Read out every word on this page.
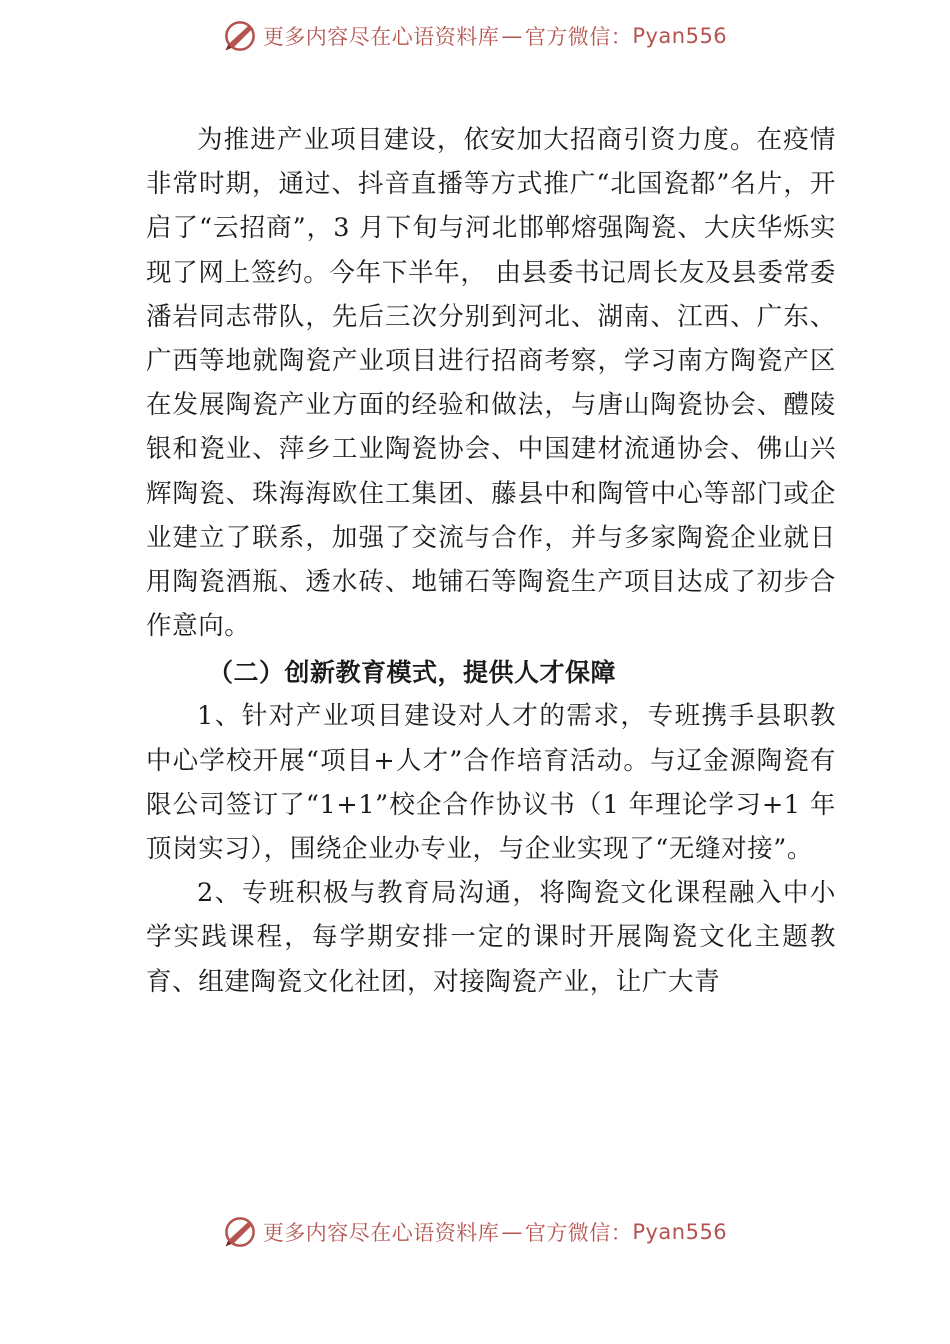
更多内容尽在心语资料库 — 官方微信： Pyan556

为推进产业项目建设，依安加大招商引资力度。在疫情非常时期，通过、抖音直播等方式推广“北国瓷都”名片，开启了“云招商”，3 月下旬与河北邯郸熔强陶瓷、大庆华烁实现了网上签约。今年下半年， 由县委书记周长友及县委常委潘岩同志带队，先后三次分别到河北、湖南、江西、广东、广西等地就陶瓷产业项目进行招商考察，学习南方陶瓷产区在发展陶瓷产业方面的经验和做法，与唐山陶瓷协会、醴陵银和瓷业、萍乡工业陶瓷协会、中国建材流通协会、佛山兴辉陶瓷、珠海海欧住工集团、藤县中和陶管中心等部门或企业建立了联系，加强了交流与合作，并与多家陶瓷企业就日用陶瓷酒瓶、透水砖、地铺石等陶瓷生产项目达成了初步合作意向。

（二）创新教育模式，提供人才保障

1、针对产业项目建设对人才的需求，专班携手县职教中心学校开展“项目+人才”合作培育活动。与辽金源陶瓷有限公司签订了“1+1”校企合作协议书（1 年理论学习+1 年顶岗实习），围绕企业办专业，与企业实现了“无缝对接”。

2、专班积极与教育局沟通，将陶瓷文化课程融入中小学实践课程，每学期安排一定的课时开展陶瓷文化主题教育、组建陶瓷文化社团，对接陶瓷产业，让广大青

更多内容尽在心语资料库 — 官方微信： Pyan556
